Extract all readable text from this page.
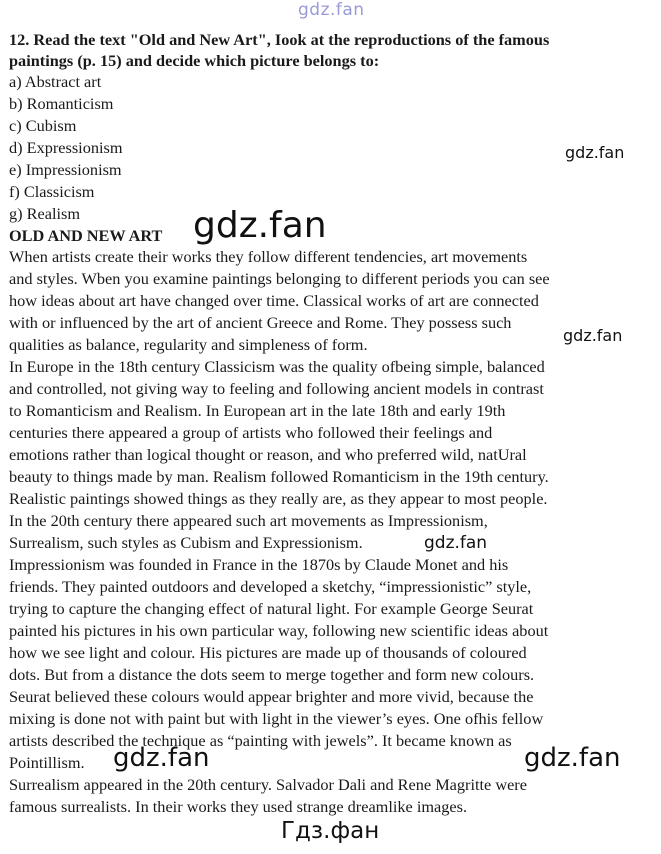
gdz.fan

12. Read the text "Old and New Art", Iook at the reproductions of the famous

paintings (p. 15) and decide which picture belongs to:

a) Abstract art

b) Romanticism

c) Cubism

d) Expressionism

e) Impressionism

f) Classicism

g) Realism

gdz.fan

OLD AND NEW ART gdz.fan

When artists create their works they follow different tendencies, art movements

and styles. Wben you examine paintings belonging to different periods you can see

how ideas about art have changed over time. Classical works of art are connected

with or influenced by the art of ancient Greece and Rome. They possess such

qualities as balance, regularity and simpleness of form.

In Europe in the 18th century Classicism was the quality ofbeing simple, balanced

and controlled, not giving way to feeling and following ancient models in contrast

to Romanticism and Realism. In European art in the late 18th and early 19th

centuries there appeared a group of artists who followed their feelings and

emotions rather than logical thought or reason, and who preferred wild, natUral

beauty to things made by man. Realism followed Romanticism in the 19th century.

Realistic paintings showed things as they really are, as they appear to most people.

In the 20th century there appeared such art movements as Impressionism,

Surrealism, such styles as Cubism and Expressionism.

Impressionism was founded in France in the 1870s by Claude Monet and his

friends. They painted outdoors and developed a sketchy, “impressionistic” style,

trying to capture the changing effect of natural light. For example George Seurat

painted his pictures in his own particular way, following new scientific ideas about

how we see light and colour. His pictures are made up of thousands of coloured

dots. But from a distance the dots seem to merge together and form new colours.

Seurat believed these colours would appear brighter and more vivid, because the

mixing is done not with paint but with light in the viewer’s eyes. One ofhis fellow

artists described the technique as “painting with jewels”. It became known as

Pointillism.

Surrealism appeared in the 20th century. Salvador Dali and Rene Magritte were

famous surrealists. In their works they used strange dreamlike images.

gdz.fan
gdz.fan
gdz.fan	gdz.fan
Гдз.фан
